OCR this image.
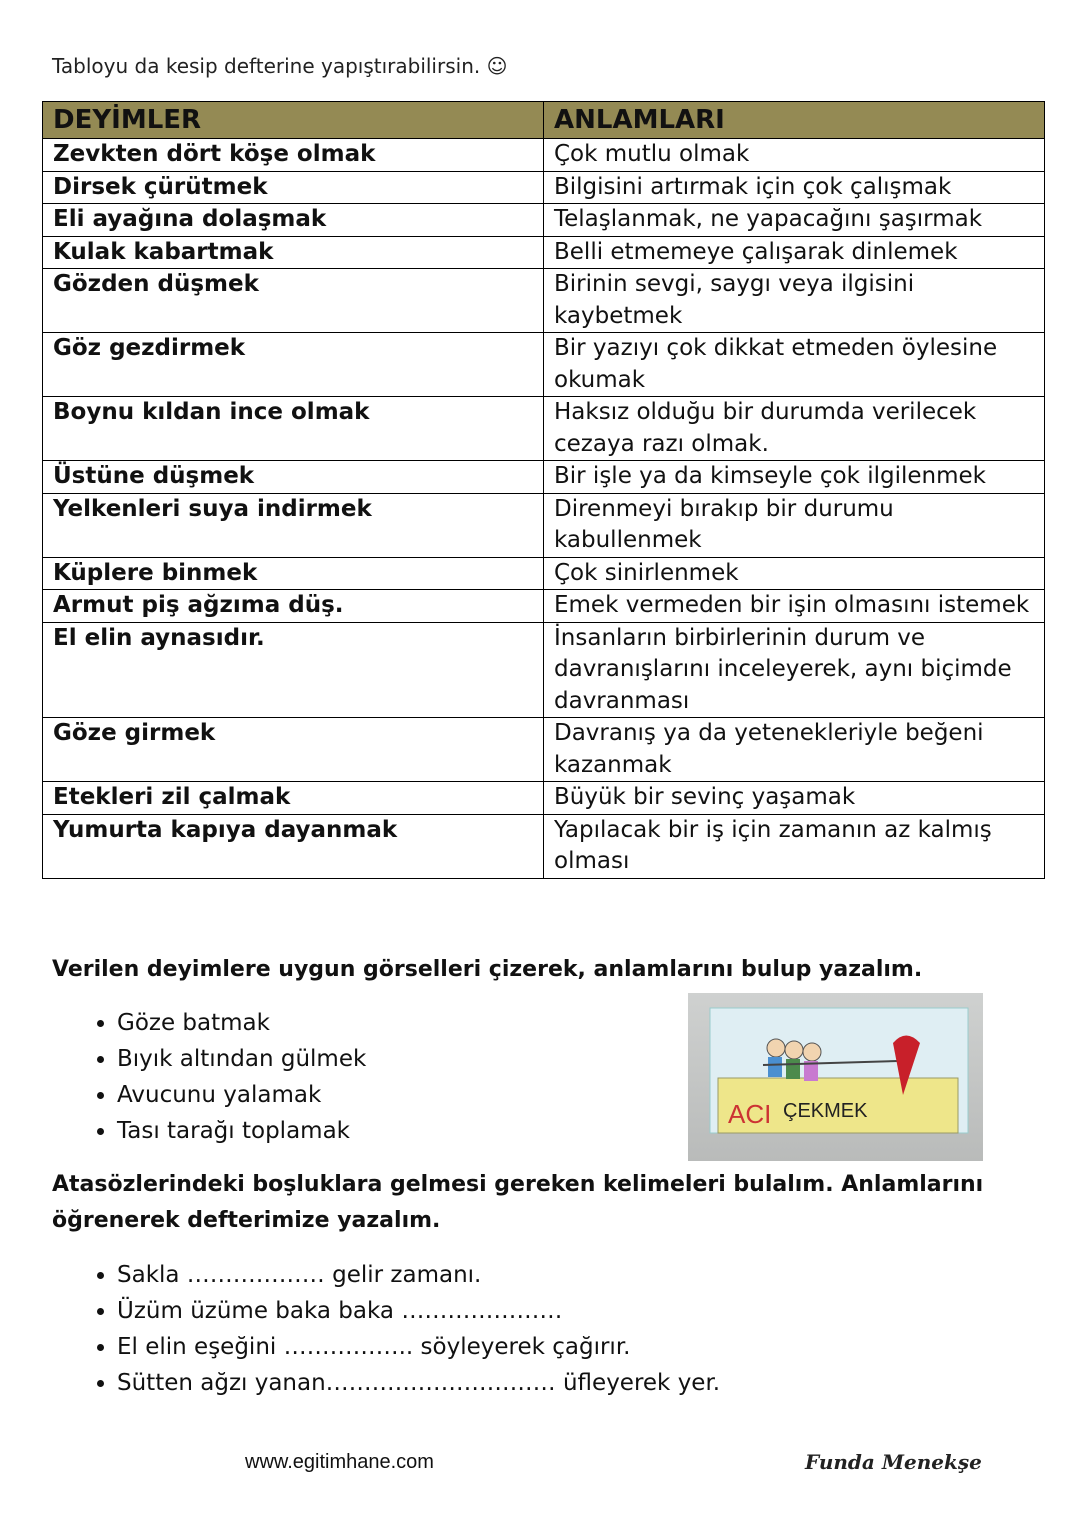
Tabloyu da kesip defterine yapıştırabilirsin. ☺
DEYİMLER	ANLAMLARI
Zevkten dört köşe olmak	Çok mutlu olmak
Dirsek çürütmek	Bilgisini artırmak için çok çalışmak
Eli ayağına dolaşmak	Telaşlanmak, ne yapacağını şaşırmak
Kulak kabartmak	Belli etmemeye çalışarak dinlemek
Gözden düşmek	Birinin sevgi, saygı veya ilgisini kaybetmek
Göz gezdirmek	Bir yazıyı çok dikkat etmeden öylesine okumak
Boynu kıldan ince olmak	Haksız olduğu bir durumda verilecek cezaya razı olmak.
Üstüne düşmek	Bir işle ya da kimseyle çok ilgilenmek
Yelkenleri suya indirmek	Direnmeyi bırakıp bir durumu kabullenmek
Küplere binmek	Çok sinirlenmek
Armut piş ağzıma düş.	Emek vermeden bir işin olmasını istemek
El elin aynasıdır.	İnsanların birbirlerinin durum ve davranışlarını inceleyerek, aynı biçimde davranması
Göze girmek	Davranış ya da yetenekleriyle beğeni kazanmak
Etekleri zil çalmak	Büyük bir sevinç yaşamak
Yumurta kapıya dayanmak	Yapılacak bir iş için zamanın az kalmış olması
Verilen deyimlere uygun görselleri çizerek, anlamlarını bulup yazalım.
• Göze batmak
• Bıyık altından gülmek
• Avucunu yalamak
• Tası tarağı toplamak
ACI ÇEKMEK
Atasözlerindeki boşluklara gelmesi gereken kelimeleri bulalım. Anlamlarını öğrenerek defterimize yazalım.
• Sakla ……………… gelir zamanı.
• Üzüm üzüme baka baka …………………
• El elin eşeğini …………….. söyleyerek çağırır.
• Sütten ağzı yanan………………………… üfleyerek yer.
www.egitimhane.com	Funda Menekşe
